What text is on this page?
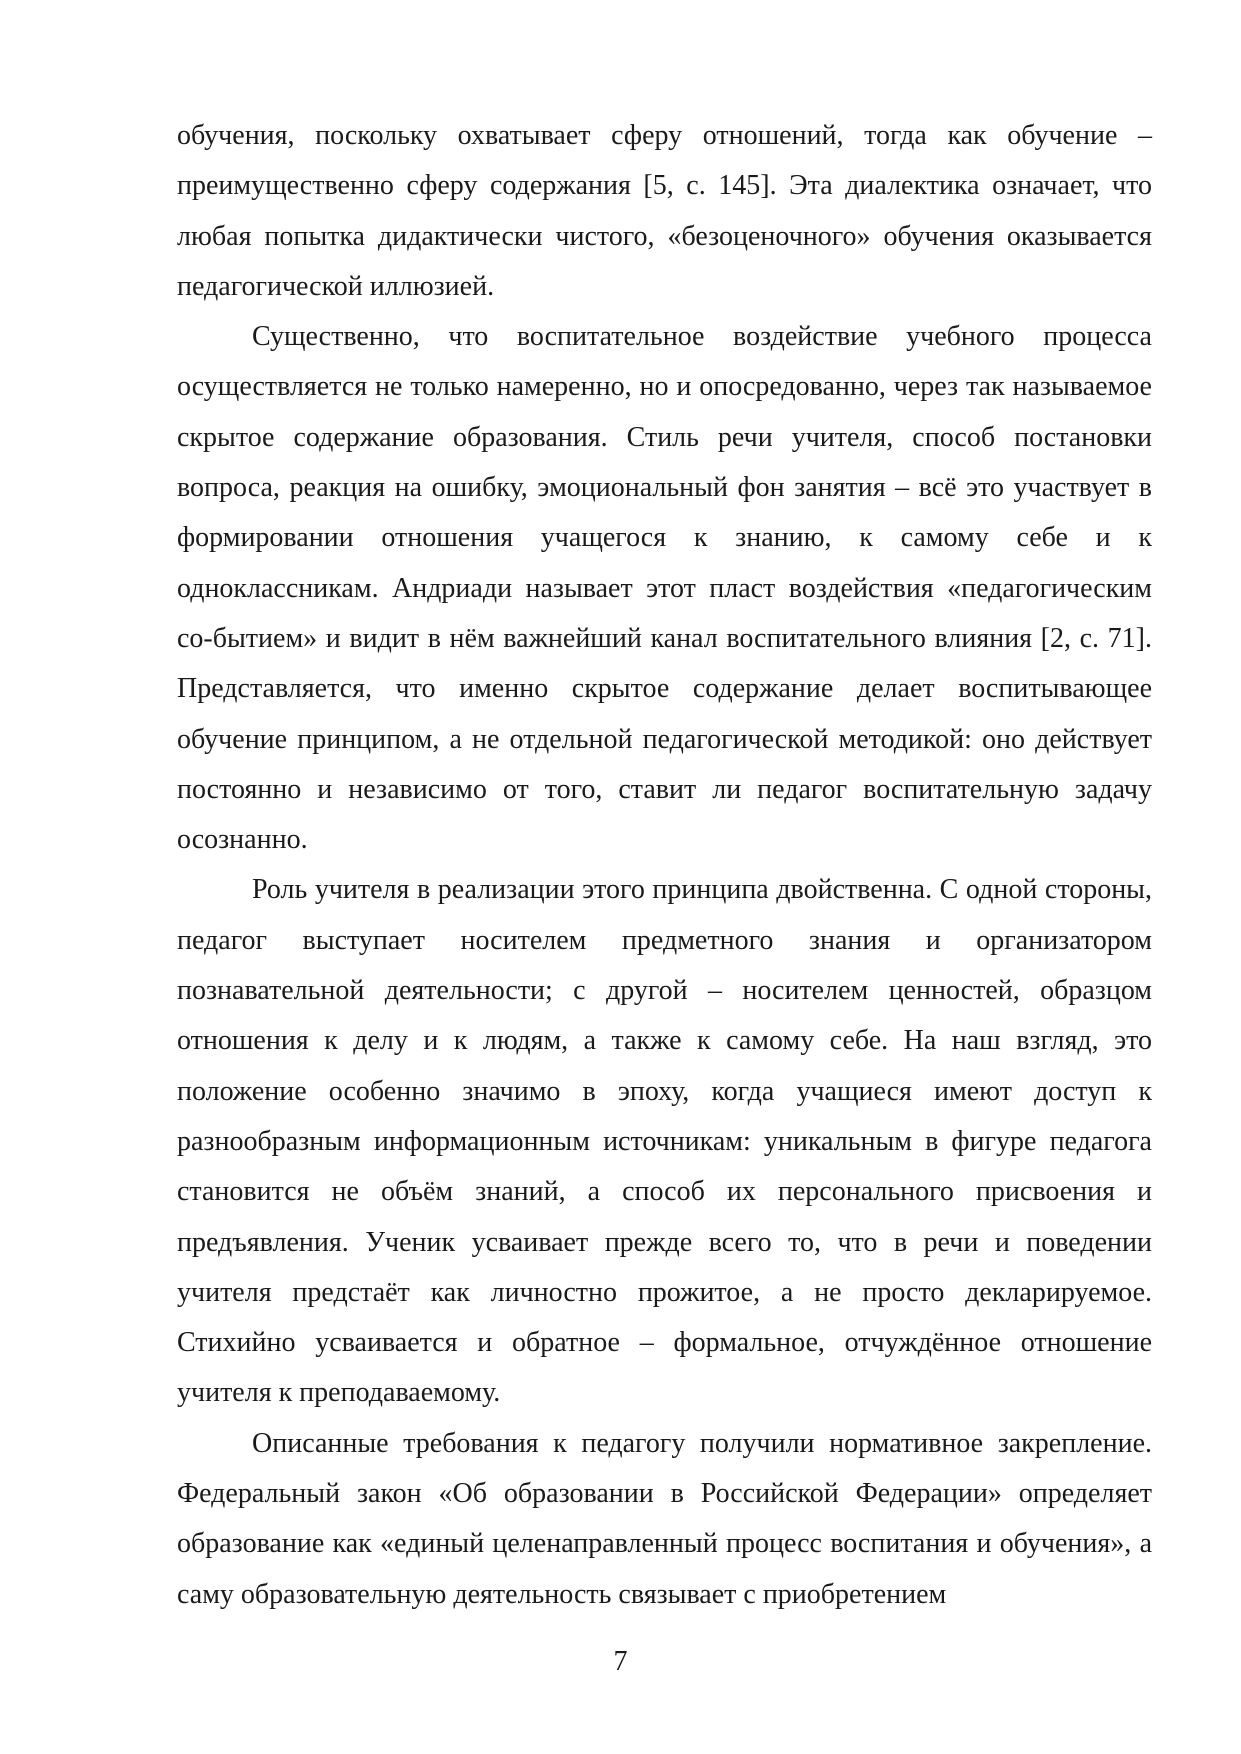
обучения, поскольку охватывает сферу отношений, тогда как обучение – преимущественно сферу содержания [5, с. 145]. Эта диалектика означает, что любая попытка дидактически чистого, «безоценочного» обучения оказывается педагогической иллюзией.

Существенно, что воспитательное воздействие учебного процесса осуществляется не только намеренно, но и опосредованно, через так называемое скрытое содержание образования. Стиль речи учителя, способ постановки вопроса, реакция на ошибку, эмоциональный фон занятия – всё это участвует в формировании отношения учащегося к знанию, к самому себе и к одноклассникам. Андриади называет этот пласт воздействия «педагогическим со-бытием» и видит в нём важнейший канал воспитательного влияния [2, с. 71]. Представляется, что именно скрытое содержание делает воспитывающее обучение принципом, а не отдельной педагогической методикой: оно действует постоянно и независимо от того, ставит ли педагог воспитательную задачу осознанно.

Роль учителя в реализации этого принципа двойственна. С одной стороны, педагог выступает носителем предметного знания и организатором познавательной деятельности; с другой – носителем ценностей, образцом отношения к делу и к людям, а также к самому себе. На наш взгляд, это положение особенно значимо в эпоху, когда учащиеся имеют доступ к разнообразным информационным источникам: уникальным в фигуре педагога становится не объём знаний, а способ их персонального присвоения и предъявления. Ученик усваивает прежде всего то, что в речи и поведении учителя предстаёт как личностно прожитое, а не просто декларируемое. Стихийно усваивается и обратное – формальное, отчуждённое отношение учителя к преподаваемому.

Описанные требования к педагогу получили нормативное закрепление. Федеральный закон «Об образовании в Российской Федерации» определяет образование как «единый целенаправленный процесс воспитания и обучения», а саму образовательную деятельность связывает с приобретением

7
